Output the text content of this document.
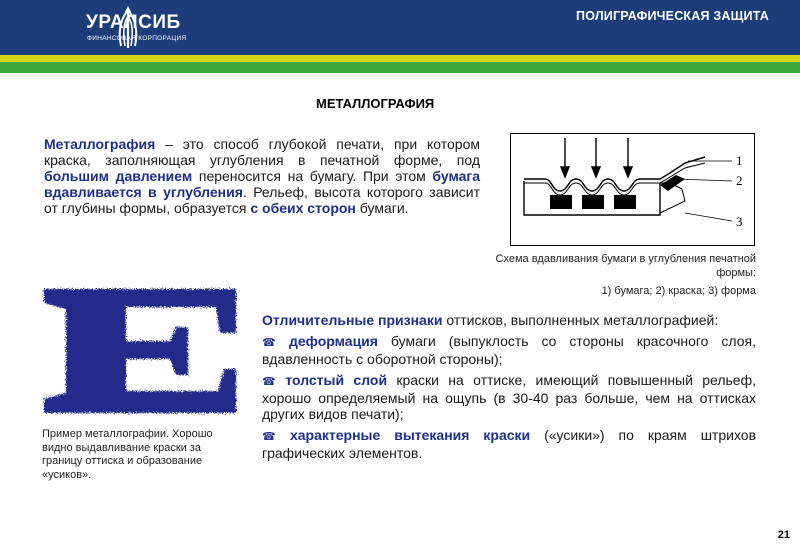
УРАЛСИБ
ФИНАНСОВАЯ КОРПОРАЦИЯ
ПОЛИГРАФИЧЕСКАЯ ЗАЩИТА
МЕТАЛЛОГРАФИЯ

Металлография – это способ глубокой печати, при котором краска, заполняющая углубления в печатной форме, под большим давлением переносится на бумагу. При этом бумага вдавливается в углубления. Рельеф, высота которого зависит от глубины формы, образуется с обеих сторон бумаги.

1
2
3
Схема вдавливания бумаги в углубления печатной формы:
1) бумага; 2) краска; 3) форма
Пример металлографии. Хорошо видно выдавливание краски за границу оттиска и образование «усиков».

Отличительные признаки оттисков, выполненных металлографией:

☎ деформация бумаги (выпуклость со стороны красочного слоя, вдавленность с оборотной стороны);
☎ толстый слой краски на оттиске, имеющий повышенный рельеф, хорошо определяемый на ощупь (в 30-40 раз больше, чем на оттисках других видов печати);
☎ характерные вытекания краски («усики») по краям штрихов графических элементов.
21
